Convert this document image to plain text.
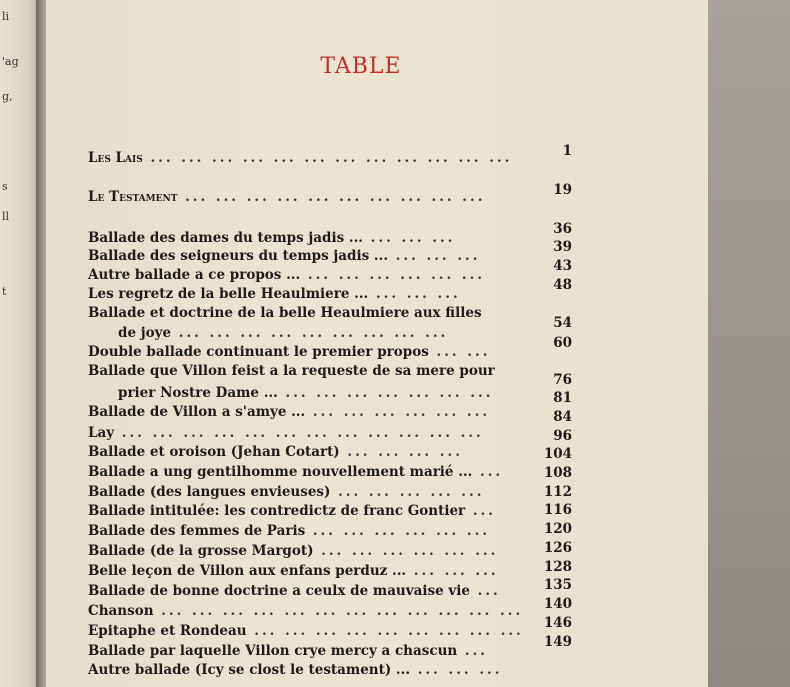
li
'ag
g,
s
ll
t
TABLE
Les Lais ... ... ... ... ... ... ... ... ... ... ... ...	1
Le Testament ... ... ... ... ... ... ... ... ... ...	19
Ballade des dames du temps jadis ... ... ... ...
36
Ballade des seigneurs du temps jadis ... ... ... ...
39
Autre ballade a ce propos ... ... ... ... ... ... ...
43
Les regretz de la belle Heaulmiere ... ... ... ...
48
Ballade et doctrine de la belle Heaulmiere aux filles
de joye ... ... ... ... ... ... ... ... ...
54
Double ballade continuant le premier propos ... ...
60
Ballade que Villon feist a la requeste de sa mere pour
prier Nostre Dame ... ... ... ... ... ... ... ...
76
Ballade de Villon a s'amye ... ... ... ... ... ... ...
81
Lay ... ... ... ... ... ... ... ... ... ... ... ...
84
Ballade et oroison (Jehan Cotart) ... ... ... ...
96
Ballade a ung gentilhomme nouvellement marié ... ...
104
Ballade (des langues envieuses) ... ... ... ... ...
108
Ballade intitulée: les contredictz de franc Gontier ...
112
Ballade des femmes de Paris ... ... ... ... ... ...
116
Ballade (de la grosse Margot) ... ... ... ... ... ...
120
Belle leçon de Villon aux enfans perduz ... ... ... ...
126
Ballade de bonne doctrine a ceulx de mauvaise vie ...
128
Chanson ... ... ... ... ... ... ... ... ... ... ... ...
135
Epitaphe et Rondeau ... ... ... ... ... ... ... ... ...
140
Ballade par laquelle Villon crye mercy a chascun ...
146
Autre ballade (Icy se clost le testament) ... ... ... ...
149
